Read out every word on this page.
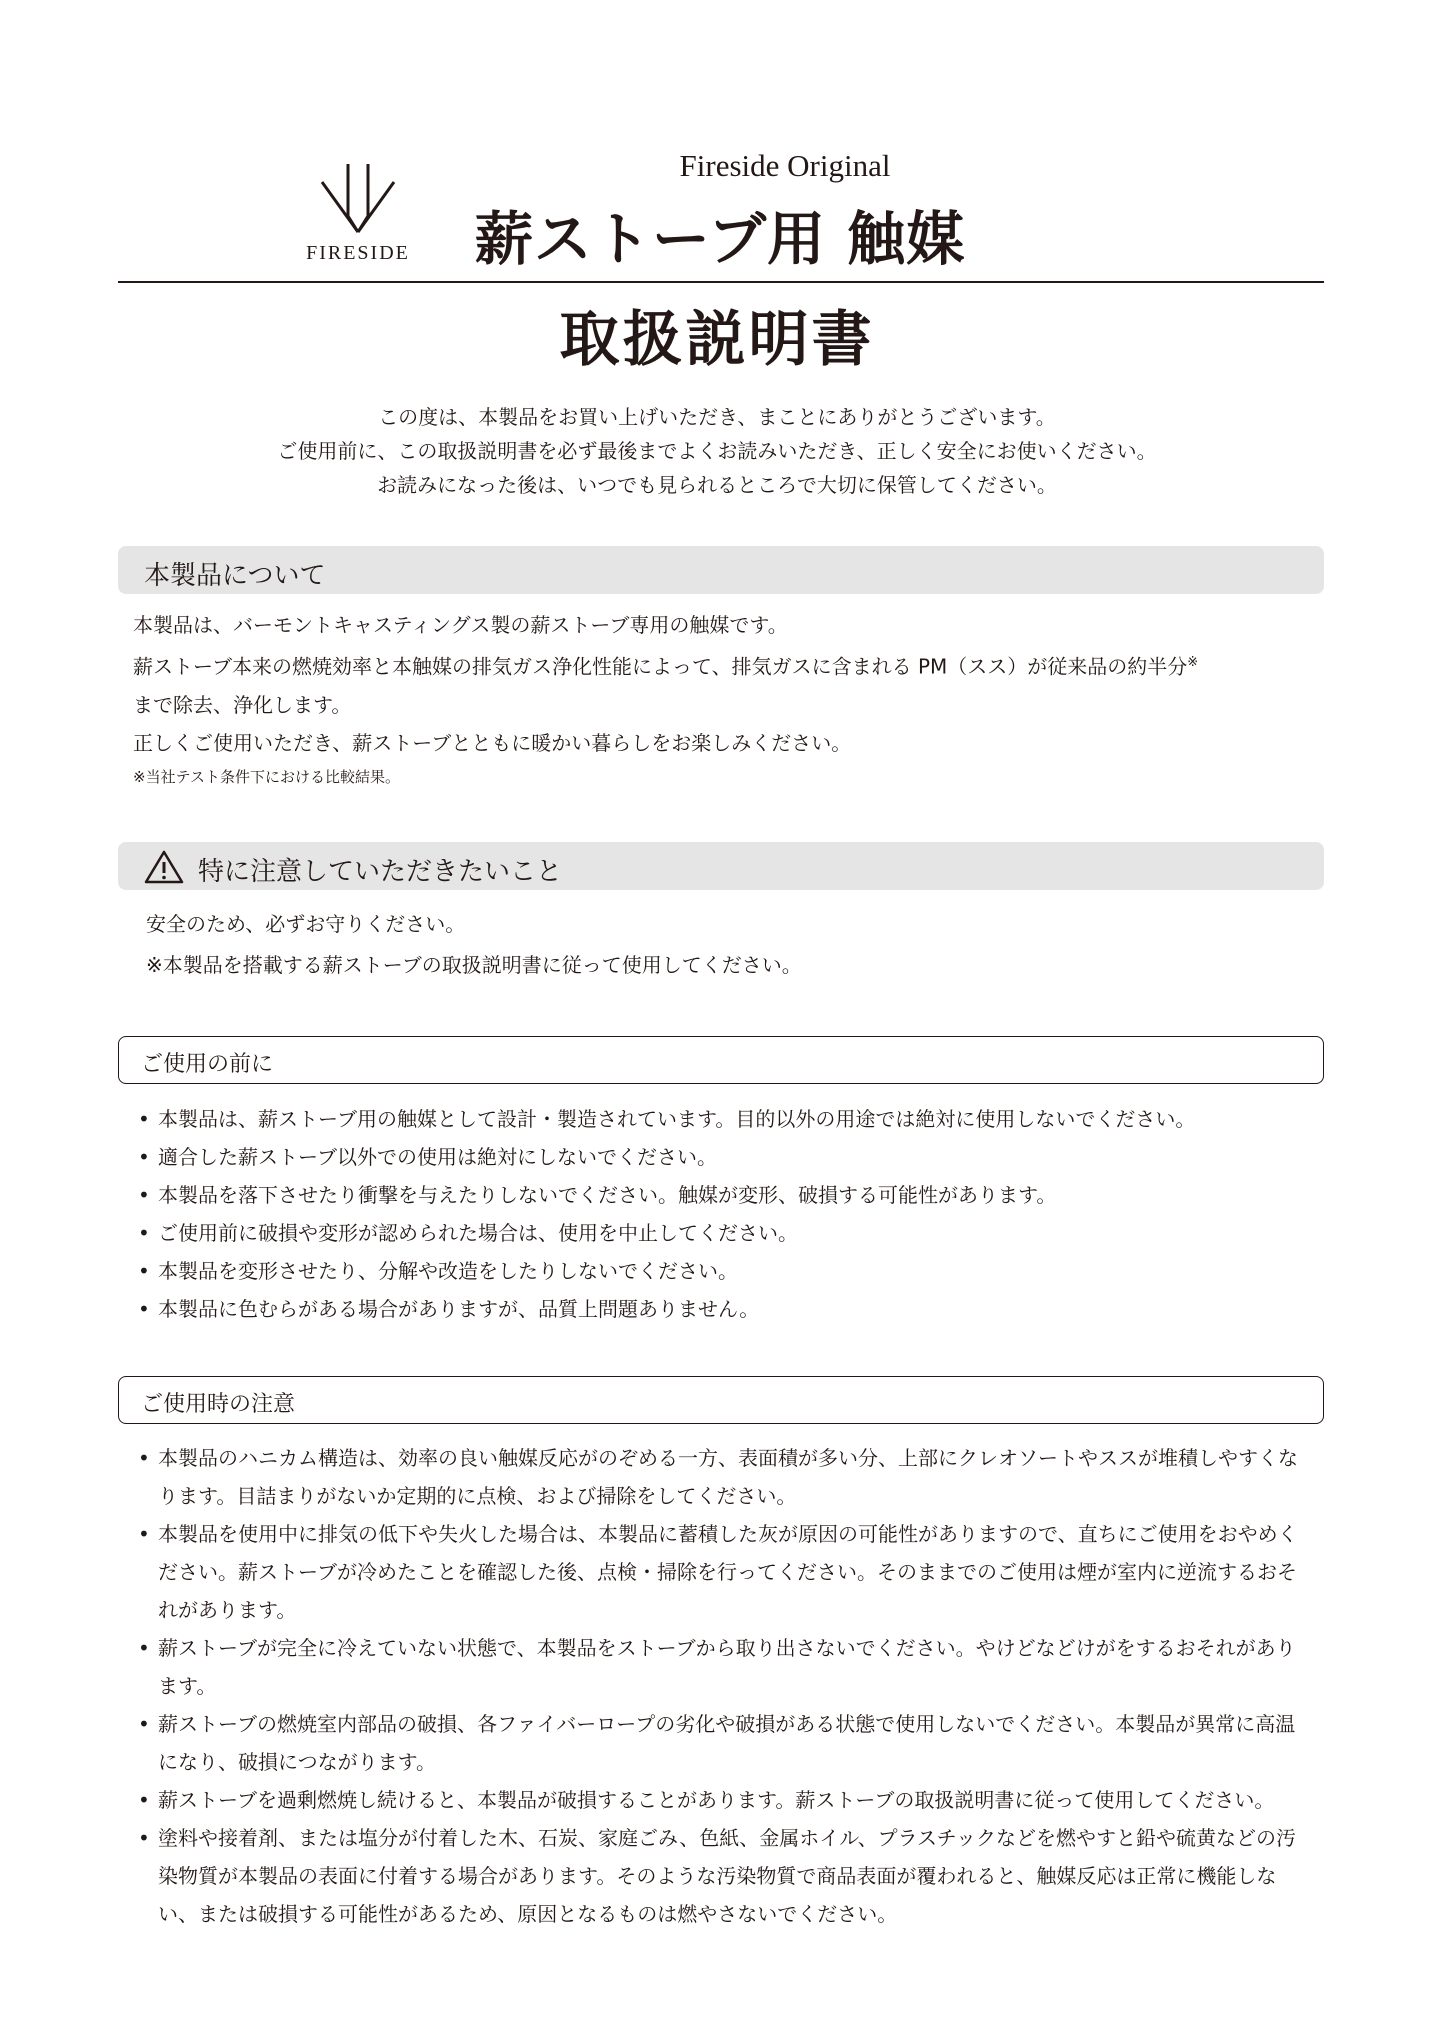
FIRESIDE
Fireside Original
薪ストーブ用 触媒
取扱説明書

この度は、本製品をお買い上げいただき、まことにありがとうございます。

ご使用前に、この取扱説明書を必ず最後までよくお読みいただき、正しく安全にお使いください。

お読みになった後は、いつでも見られるところで大切に保管してください。

本製品について

本製品は、バーモントキャスティングス製の薪ストーブ専用の触媒です。

薪ストーブ本来の燃焼効率と本触媒の排気ガス浄化性能によって、排気ガスに含まれる PM（スス）が従来品の約半分※

まで除去、浄化します。

正しくご使用いただき、薪ストーブとともに暖かい暮らしをお楽しみください。

※当社テスト条件下における比較結果。

特に注意していただきたいこと

安全のため、必ずお守りください。

※本製品を搭載する薪ストーブの取扱説明書に従って使用してください。

ご使用の前に
• 本製品は、薪ストーブ用の触媒として設計・製造されています。目的以外の用途では絶対に使用しないでください。
• 適合した薪ストーブ以外での使用は絶対にしないでください。
• 本製品を落下させたり衝撃を与えたりしないでください。触媒が変形、破損する可能性があります。
• ご使用前に破損や変形が認められた場合は、使用を中止してください。
• 本製品を変形させたり、分解や改造をしたりしないでください。
• 本製品に色むらがある場合がありますが、品質上問題ありません。
ご使用時の注意
• 本製品のハニカム構造は、効率の良い触媒反応がのぞめる一方、表面積が多い分、上部にクレオソートやススが堆積しやすくなります。目詰まりがないか定期的に点検、および掃除をしてください。
• 本製品を使用中に排気の低下や失火した場合は、本製品に蓄積した灰が原因の可能性がありますので、直ちにご使用をおやめください。薪ストーブが冷めたことを確認した後、点検・掃除を行ってください。そのままでのご使用は煙が室内に逆流するおそれがあります。
• 薪ストーブが完全に冷えていない状態で、本製品をストーブから取り出さないでください。やけどなどけがをするおそれがあります。
• 薪ストーブの燃焼室内部品の破損、各ファイバーロープの劣化や破損がある状態で使用しないでください。本製品が異常に高温になり、破損につながります。
• 薪ストーブを過剰燃焼し続けると、本製品が破損することがあります。薪ストーブの取扱説明書に従って使用してください。
• 塗料や接着剤、または塩分が付着した木、石炭、家庭ごみ、色紙、金属ホイル、プラスチックなどを燃やすと鉛や硫黄などの汚染物質が本製品の表面に付着する場合があります。そのような汚染物質で商品表面が覆われると、触媒反応は正常に機能しない、または破損する可能性があるため、原因となるものは燃やさないでください。
